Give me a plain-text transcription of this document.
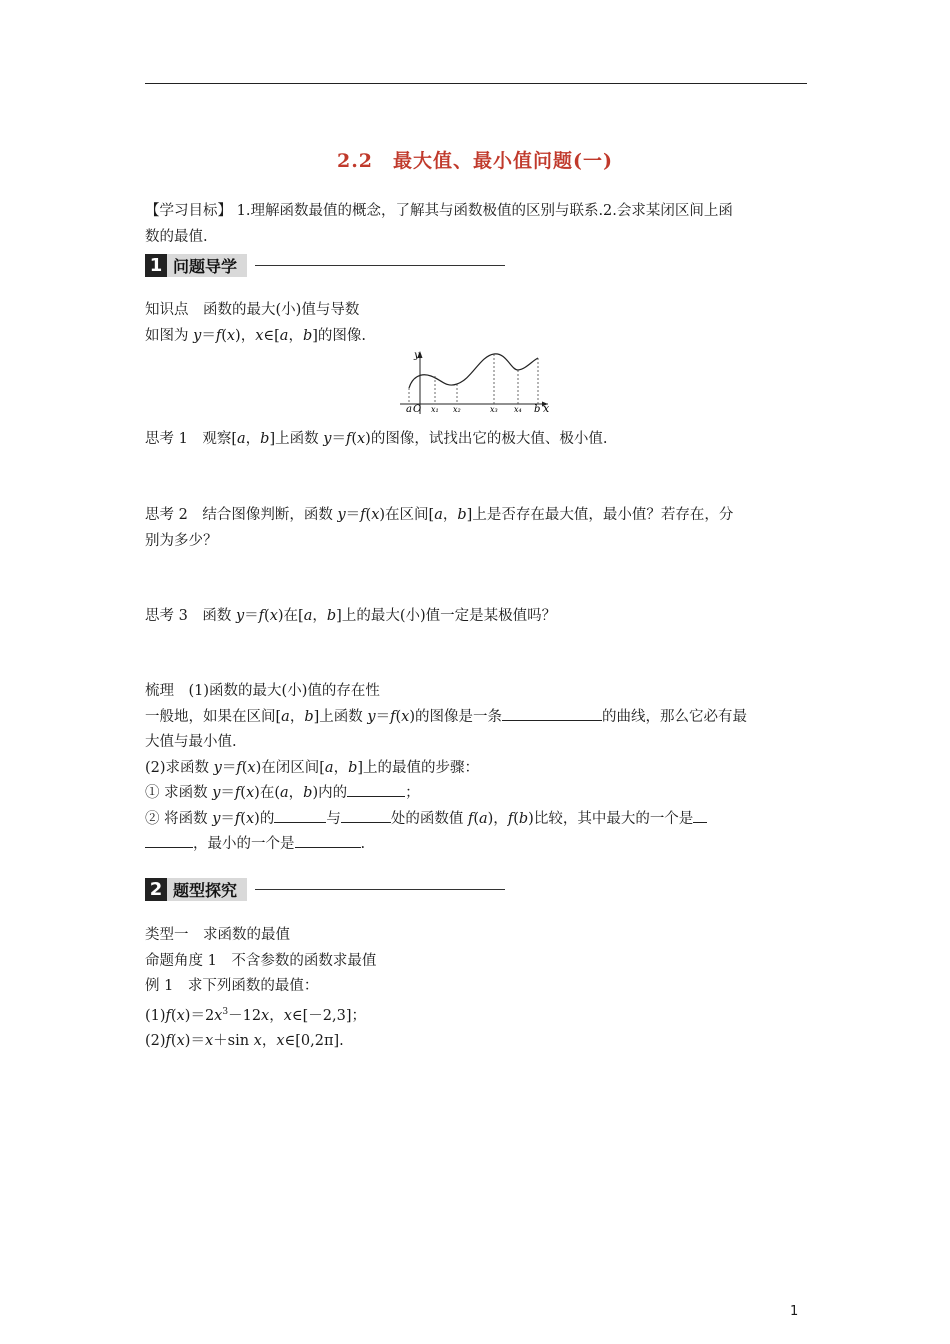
2.2　最大值、最小值问题(一)
【学习目标】 1.理解函数最值的概念，了解其与函数极值的区别与联系.2.会求某闭区间上函
数的最值.
1 问题导学
知识点　函数的最大(小)值与导数
如图为 y＝f(x)，x∈[a，b]的图像.
y
x
a O x₁ x₂	x₃ x₄ b
思考 1　观察[a，b]上函数 y＝f(x)的图像，试找出它的极大值、极小值.
思考 2　结合图像判断，函数 y＝f(x)在区间[a，b]上是否存在最大值，最小值？若存在，分
别为多少？
思考 3　函数 y＝f(x)在[a，b]上的最大(小)值一定是某极值吗？
梳理　(1)函数的最大(小)值的存在性
一般地，如果在区间[a，b]上函数 y＝f(x)的图像是一条	的曲线，那么它必有最
大值与最小值.
(2)求函数 y＝f(x)在闭区间[a，b]上的最值的步骤：
① 求函数 y＝f(x)在(a，b)内的	；
② 将函数 y＝f(x)的	与	处的函数值 f(a)，f(b)比较，其中最大的一个是
，最小的一个是	.
2 题型探究
类型一　求函数的最值
命题角度 1　不含参数的函数求最值
例 1　求下列函数的最值：
$(1)f(x)=2x^3-12x$，x∈[－2,3]；
(2)f(x)＝x＋sin x，x∈[0,2π].
1
